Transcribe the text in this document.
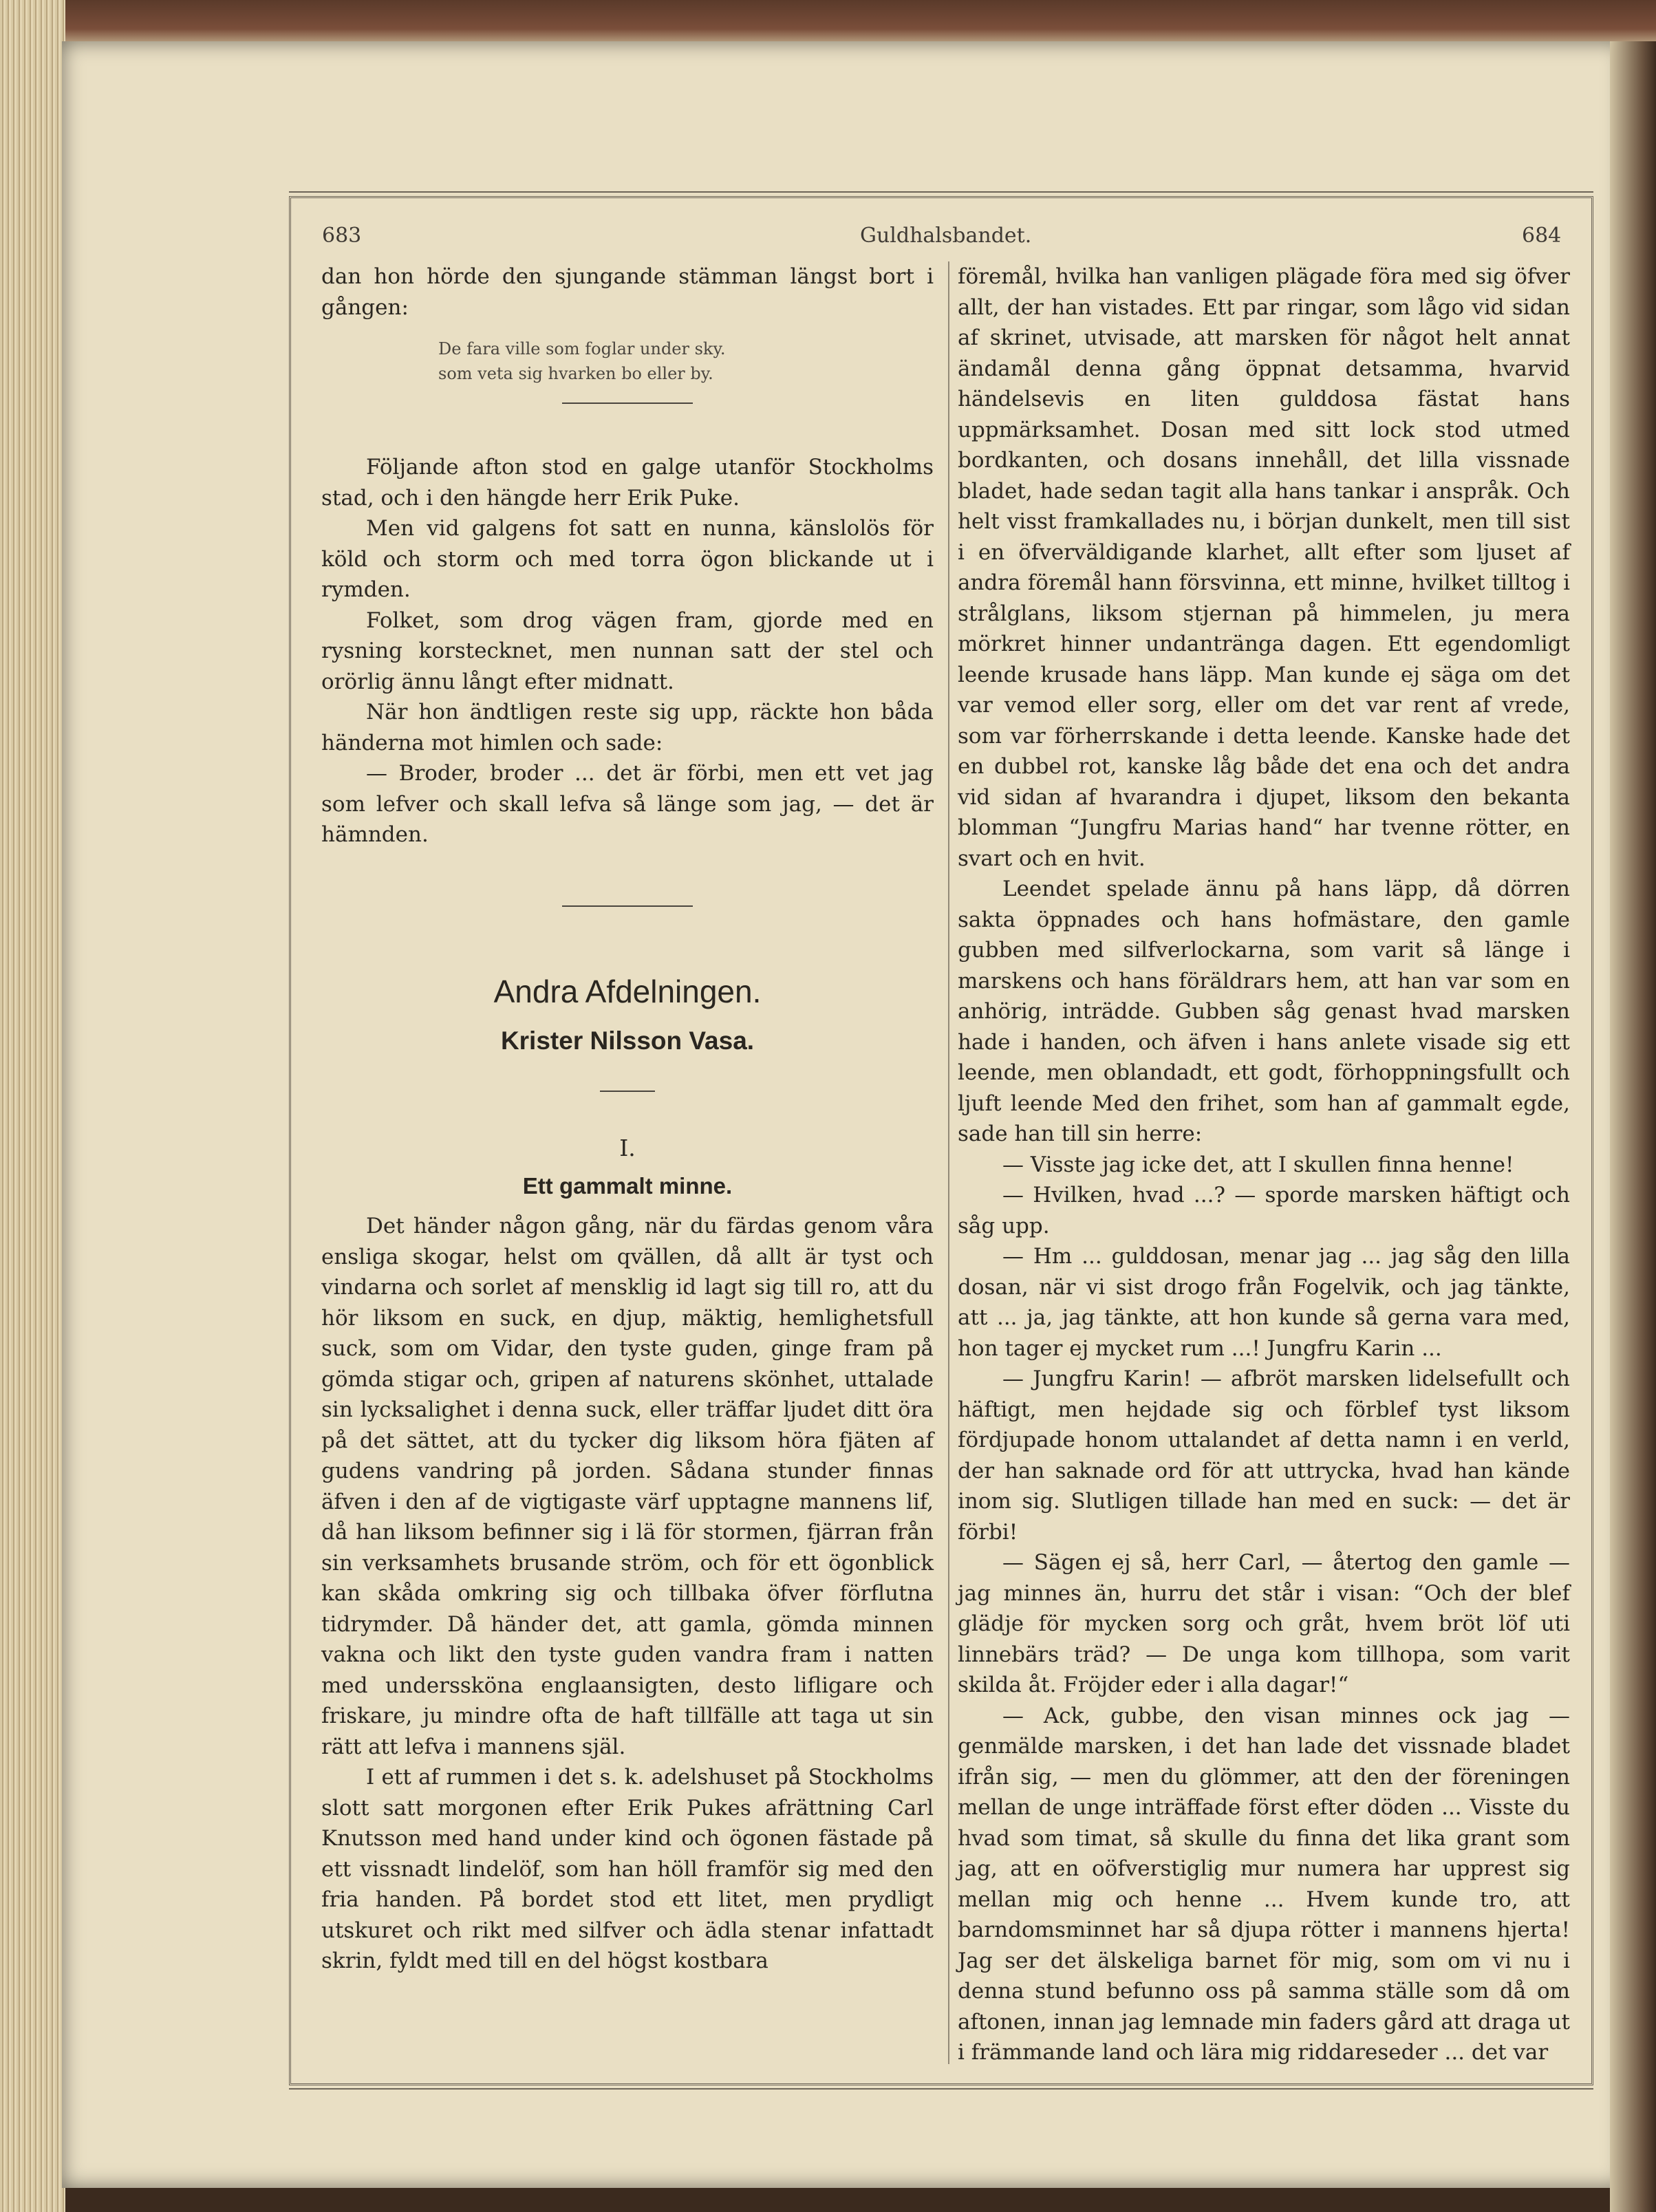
683	Guldhalsbandet.	684

dan hon hörde den sjungande stämman längst bort i gången:

De fara ville som foglar under sky.
som veta sig hvarken bo eller by.

Följande afton stod en galge utanför Stockholms stad, och i den hängde herr Erik Puke.

Men vid galgens fot satt en nunna, känslolös för köld och storm och med torra ögon blickande ut i rymden.

Folket, som drog vägen fram, gjorde med en rysning korstecknet, men nunnan satt der stel och orörlig ännu långt efter midnatt.

När hon ändtligen reste sig upp, räckte hon båda händerna mot himlen och sade:

— Broder, broder ... det är förbi, men ett vet jag som lefver och skall lefva så länge som jag, — det är hämnden.

Andra Afdelningen.
Krister Nilsson Vasa.
I.
Ett gammalt minne.

Det händer någon gång, när du färdas genom våra ensliga skogar, helst om qvällen, då allt är tyst och vindarna och sorlet af mensklig id lagt sig till ro, att du hör liksom en suck, en djup, mäktig, hemlighetsfull suck, som om Vidar, den tyste guden, ginge fram på gömda stigar och, gripen af naturens skönhet, uttalade sin lycksalighet i denna suck, eller träffar ljudet ditt öra på det sättet, att du tycker dig liksom höra fjäten af gudens vandring på jorden. Sådana stunder finnas äfven i den af de vigtigaste värf upptagne mannens lif, då han liksom befinner sig i lä för stormen, fjärran från sin verksamhets brusande ström, och för ett ögonblick kan skåda omkring sig och tillbaka öfver förflutna tidrymder. Då händer det, att gamla, gömda minnen vakna och likt den tyste guden vandra fram i natten med underssköna englaansigten, desto lifligare och friskare, ju mindre ofta de haft tillfälle att taga ut sin rätt att lefva i mannens själ.

I ett af rummen i det s. k. adelshuset på Stockholms slott satt morgonen efter Erik Pukes afrättning Carl Knutsson med hand under kind och ögonen fästade på ett vissnadt lindelöf, som han höll framför sig med den fria handen. På bordet stod ett litet, men prydligt utskuret och rikt med silfver och ädla stenar infattadt skrin, fyldt med till en del högst kostbara

föremål, hvilka han vanligen plägade föra med sig öfver allt, der han vistades. Ett par ringar, som lågo vid sidan af skrinet, utvisade, att marsken för något helt annat ändamål denna gång öppnat detsamma, hvarvid händelsevis en liten gulddosa fästat hans uppmärksamhet. Dosan med sitt lock stod utmed bordkanten, och dosans innehåll, det lilla vissnade bladet, hade sedan tagit alla hans tankar i anspråk. Och helt visst framkallades nu, i början dunkelt, men till sist i en öfverväldigande klarhet, allt efter som ljuset af andra föremål hann försvinna, ett minne, hvilket tilltog i strålglans, liksom stjernan på himmelen, ju mera mörkret hinner undantränga dagen. Ett egendomligt leende krusade hans läpp. Man kunde ej säga om det var vemod eller sorg, eller om det var rent af vrede, som var förherrskande i detta leende. Kanske hade det en dubbel rot, kanske låg både det ena och det andra vid sidan af hvarandra i djupet, liksom den bekanta blomman “Jungfru Marias hand“ har tvenne rötter, en svart och en hvit.

Leendet spelade ännu på hans läpp, då dörren sakta öppnades och hans hofmästare, den gamle gubben med silfverlockarna, som varit så länge i marskens och hans föräldrars hem, att han var som en anhörig, inträdde. Gubben såg genast hvad marsken hade i handen, och äfven i hans anlete visade sig ett leende, men oblandadt, ett godt, förhoppningsfullt och ljuft leende Med den frihet, som han af gammalt egde, sade han till sin herre:

— Visste jag icke det, att I skullen finna henne!

— Hvilken, hvad ...? — sporde marsken häftigt och såg upp.

— Hm ... gulddosan, menar jag ... jag såg den lilla dosan, när vi sist drogo från Fogelvik, och jag tänkte, att ... ja, jag tänkte, att hon kunde så gerna vara med, hon tager ej mycket rum ...! Jungfru Karin ...

— Jungfru Karin! — afbröt marsken lidelsefullt och häftigt, men hejdade sig och förblef tyst liksom fördjupade honom uttalandet af detta namn i en verld, der han saknade ord för att uttrycka, hvad han kände inom sig. Slutligen tillade han med en suck: — det är förbi!

— Sägen ej så, herr Carl, — återtog den gamle — jag minnes än, hurru det står i visan: “Och der blef glädje för mycken sorg och gråt, hvem bröt löf uti linnebärs träd? — De unga kom tillhopa, som varit skilda åt. Fröjder eder i alla dagar!“

— Ack, gubbe, den visan minnes ock jag — genmälde marsken, i det han lade det vissnade bladet ifrån sig, — men du glömmer, att den der föreningen mellan de unge inträffade först efter döden ... Visste du hvad som timat, så skulle du finna det lika grant som jag, att en oöfverstiglig mur numera har upprest sig mellan mig och henne ... Hvem kunde tro, att barndomsminnet har så djupa rötter i mannens hjerta! Jag ser det älskeliga barnet för mig, som om vi nu i denna stund befunno oss på samma ställe som då om aftonen, innan jag lemnade min faders gård att draga ut i främmande land och lära mig riddareseder ... det var
